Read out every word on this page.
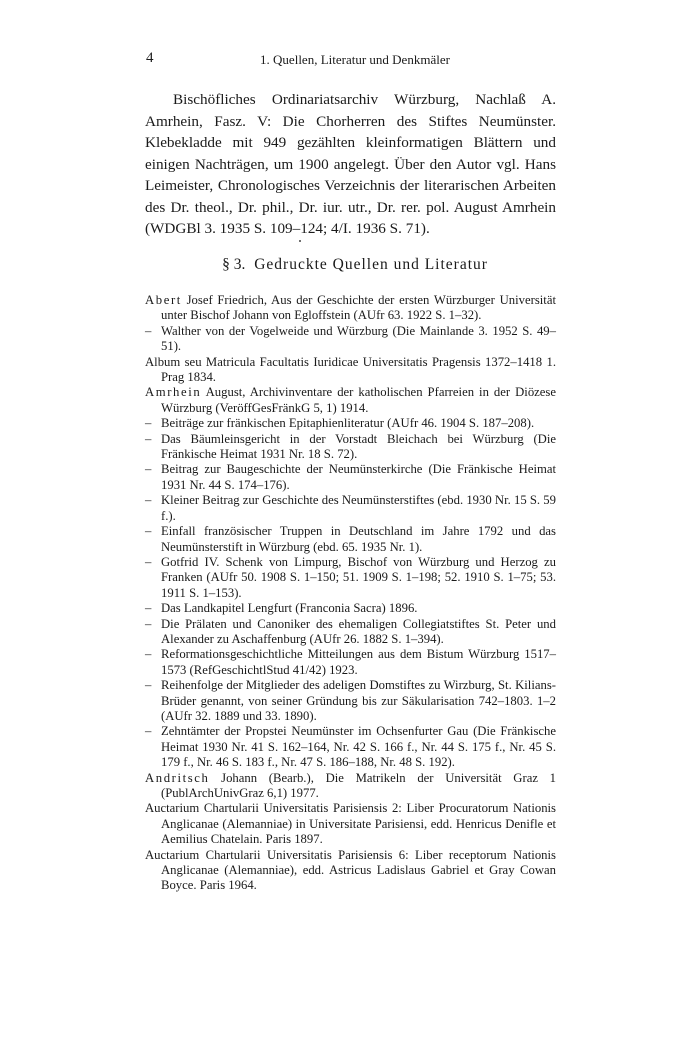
4	1. Quellen, Literatur und Denkmäler

Bischöfliches Ordinariatsarchiv Würzburg, Nachlaß A. Amrhein, Fasz. V: Die Chorherren des Stiftes Neumünster. Klebekladde mit 949 gezählten kleinformatigen Blättern und einigen Nachträgen, um 1900 angelegt. Über den Autor vgl. Hans Leimeister, Chronologisches Verzeichnis der literarischen Arbeiten des Dr. theol., Dr. phil., Dr. iur. utr., Dr. rer. pol. August Amrhein (WDGBl 3. 1935 S. 109–124; 4/I. 1936 S. 71).

§ 3. Gedruckte Quellen und Literatur
Abert Josef Friedrich, Aus der Geschichte der ersten Würzburger Universität unter Bischof Johann von Egloffstein (AUfr 63. 1922 S. 1–32).
– Walther von der Vogelweide und Würzburg (Die Mainlande 3. 1952 S. 49–51).
Album seu Matricula Facultatis Iuridicae Universitatis Pragensis 1372–1418 1. Prag 1834.
Amrhein August, Archivinventare der katholischen Pfarreien in der Diözese Würzburg (VeröffGesFränkG 5, 1) 1914.
– Beiträge zur fränkischen Epitaphienliteratur (AUfr 46. 1904 S. 187–208).
– Das Bäumleinsgericht in der Vorstadt Bleichach bei Würzburg (Die Fränkische Heimat 1931 Nr. 18 S. 72).
– Beitrag zur Baugeschichte der Neumünsterkirche (Die Fränkische Heimat 1931 Nr. 44 S. 174–176).
– Kleiner Beitrag zur Geschichte des Neumünsterstiftes (ebd. 1930 Nr. 15 S. 59 f.).
– Einfall französischer Truppen in Deutschland im Jahre 1792 und das Neumünsterstift in Würzburg (ebd. 65. 1935 Nr. 1).
– Gotfrid IV. Schenk von Limpurg, Bischof von Würzburg und Herzog zu Franken (AUfr 50. 1908 S. 1–150; 51. 1909 S. 1–198; 52. 1910 S. 1–75; 53. 1911 S. 1–153).
– Das Landkapitel Lengfurt (Franconia Sacra) 1896.
– Die Prälaten und Canoniker des ehemaligen Collegiatstiftes St. Peter und Alexander zu Aschaffenburg (AUfr 26. 1882 S. 1–394).
– Reformationsgeschichtliche Mitteilungen aus dem Bistum Würzburg 1517–1573 (RefGeschichtlStud 41/42) 1923.
– Reihenfolge der Mitglieder des adeligen Domstiftes zu Wirzburg, St. Kilians-Brüder genannt, von seiner Gründung bis zur Säkularisation 742–1803. 1–2 (AUfr 32. 1889 und 33. 1890).
– Zehntämter der Propstei Neumünster im Ochsenfurter Gau (Die Fränkische Heimat 1930 Nr. 41 S. 162–164, Nr. 42 S. 166 f., Nr. 44 S. 175 f., Nr. 45 S. 179 f., Nr. 46 S. 183 f., Nr. 47 S. 186–188, Nr. 48 S. 192).
Andritsch Johann (Bearb.), Die Matrikeln der Universität Graz 1 (PublArchUnivGraz 6,1) 1977.
Auctarium Chartularii Universitatis Parisiensis 2: Liber Procuratorum Nationis Anglicanae (Alemanniae) in Universitate Parisiensi, edd. Henricus Denifle et Aemilius Chatelain. Paris 1897.
Auctarium Chartularii Universitatis Parisiensis 6: Liber receptorum Nationis Anglicanae (Alemanniae), edd. Astricus Ladislaus Gabriel et Gray Cowan Boyce. Paris 1964.
